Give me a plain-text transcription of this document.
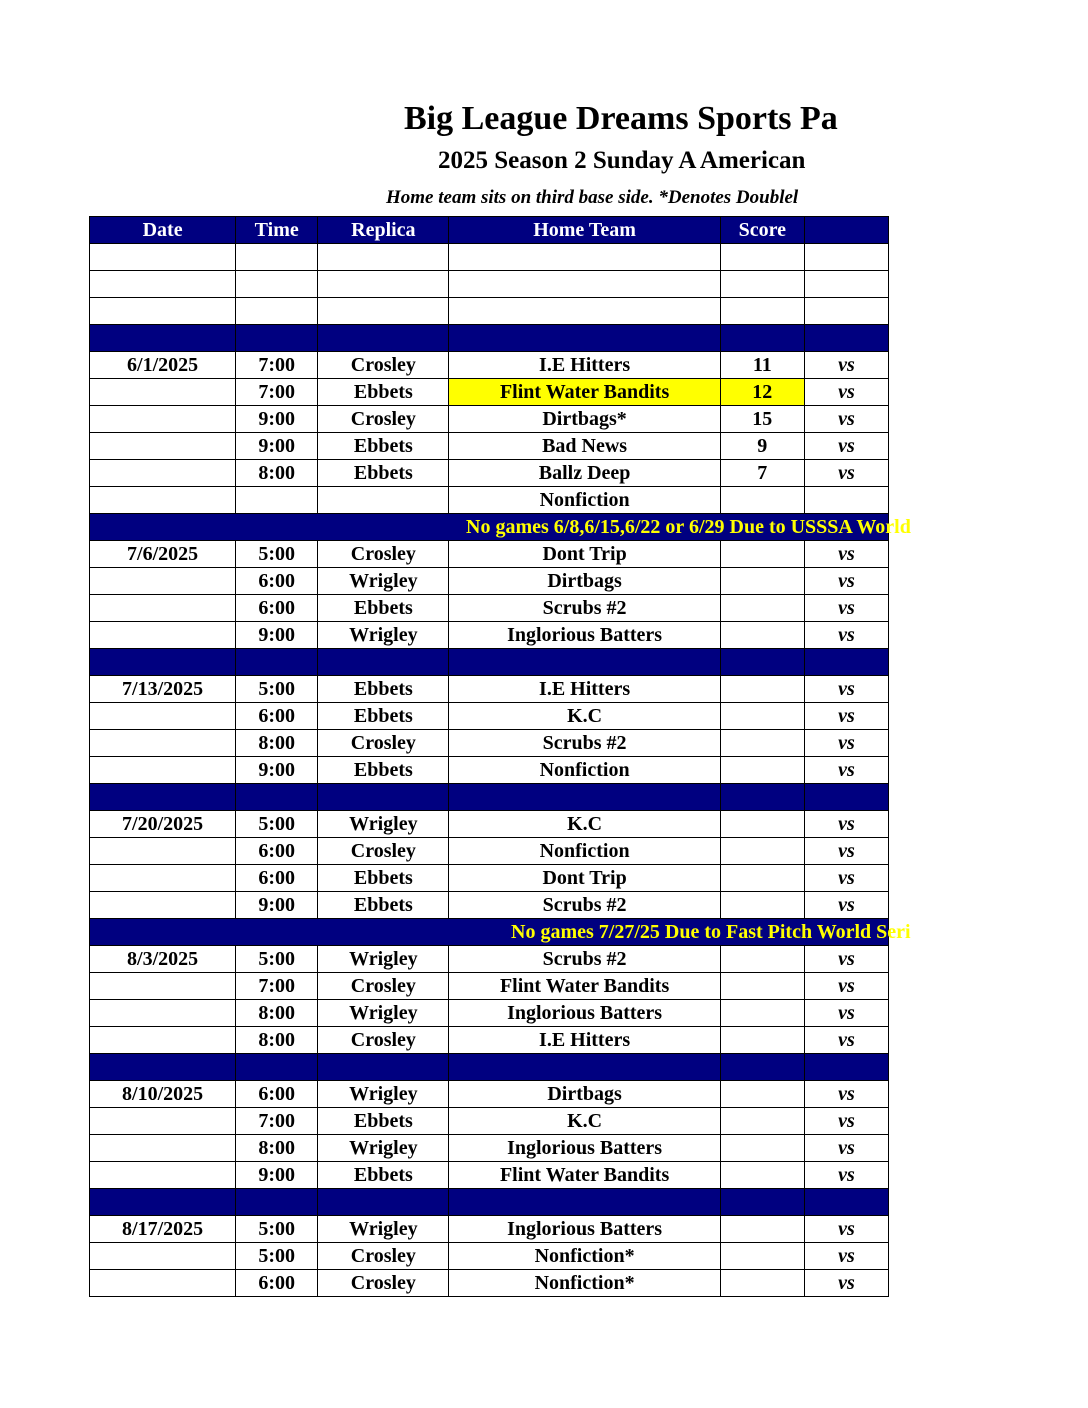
Big League Dreams Sports Pa
2025 Season 2 Sunday A American
Home team sits on third base side. *Denotes Doublel
Date	Time	Replica	Home Team	Score	

6/1/2025	7:00	Crosley	I.E Hitters	11	vs
	7:00	Ebbets	Flint Water Bandits	12	vs
	9:00	Crosley	Dirtbags*	15	vs
	9:00	Ebbets	Bad News	9	vs
	8:00	Ebbets	Ballz Deep	7	vs
			Nonfiction		

No games 6/8,6/15,6/22 or 6/29 Due to USSSA World					

7/6/2025	5:00	Crosley	Dont Trip		vs
	6:00	Wrigley	Dirtbags		vs
	6:00	Ebbets	Scrubs #2		vs
	9:00	Wrigley	Inglorious Batters		vs

7/13/2025	5:00	Ebbets	I.E Hitters		vs
	6:00	Ebbets	K.C		vs
	8:00	Crosley	Scrubs #2		vs
	9:00	Ebbets	Nonfiction		vs

7/20/2025	5:00	Wrigley	K.C		vs
	6:00	Crosley	Nonfiction		vs
	6:00	Ebbets	Dont Trip		vs
	9:00	Ebbets	Scrubs #2		vs

No games 7/27/25 Due to Fast Pitch World Seri					

8/3/2025	5:00	Wrigley	Scrubs #2		vs
	7:00	Crosley	Flint Water Bandits		vs
	8:00	Wrigley	Inglorious Batters		vs
	8:00	Crosley	I.E Hitters		vs

8/10/2025	6:00	Wrigley	Dirtbags		vs
	7:00	Ebbets	K.C		vs
	8:00	Wrigley	Inglorious Batters		vs
	9:00	Ebbets	Flint Water Bandits		vs

8/17/2025	5:00	Wrigley	Inglorious Batters		vs
	5:00	Crosley	Nonfiction*		vs
	6:00	Crosley	Nonfiction*		vs
